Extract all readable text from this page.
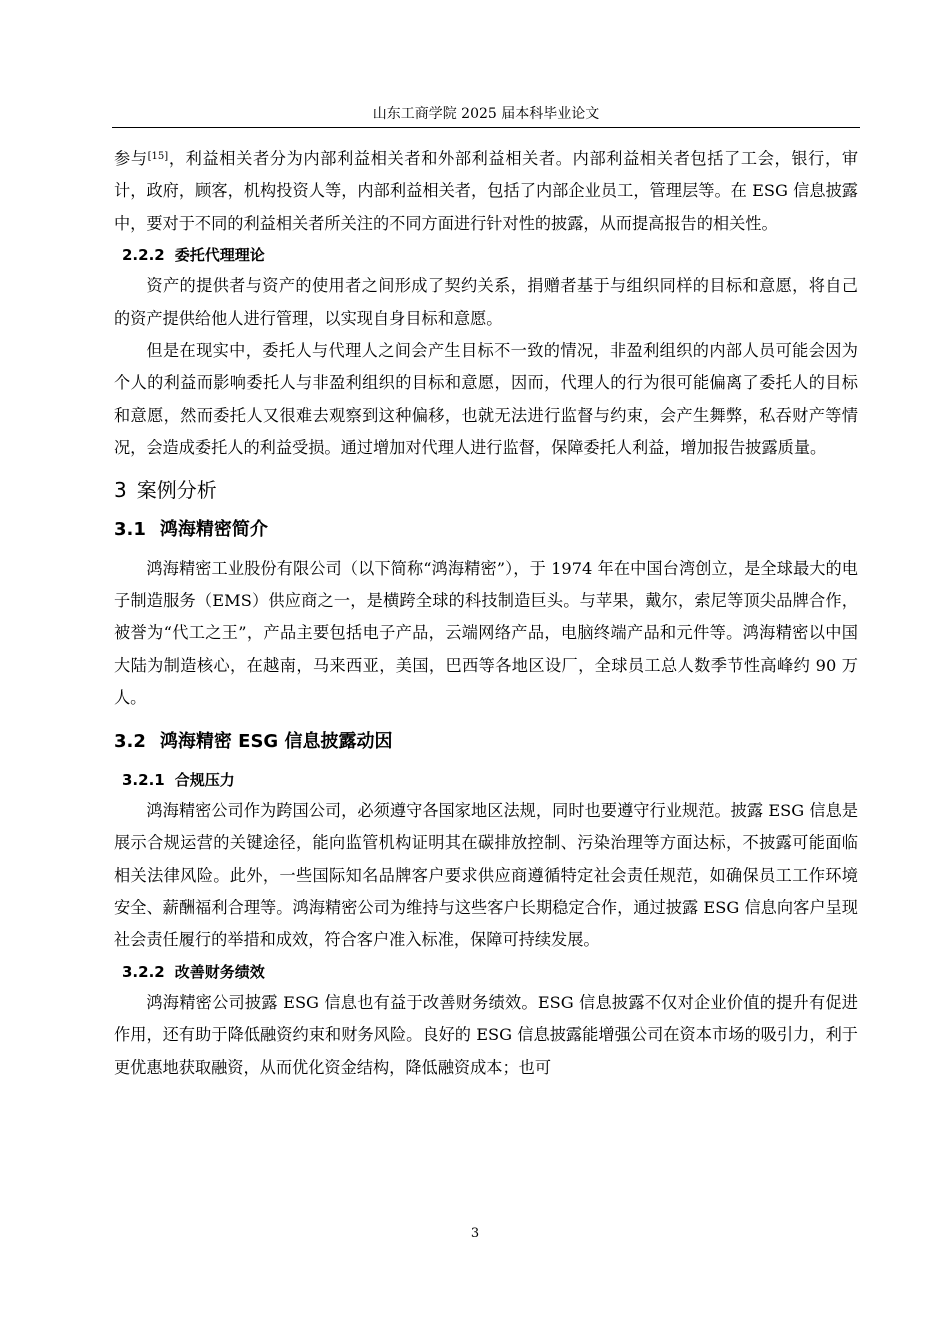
山东工商学院 2025 届本科毕业论文

参与[15]，利益相关者分为内部利益相关者和外部利益相关者。内部利益相关者包括了工会，银行，审计，政府，顾客，机构投资人等，内部利益相关者，包括了内部企业员工，管理层等。在 ESG 信息披露中，要对于不同的利益相关者所关注的不同方面进行针对性的披露，从而提高报告的相关性。

2.2.2 委托代理理论

资产的提供者与资产的使用者之间形成了契约关系，捐赠者基于与组织同样的目标和意愿，将自己的资产提供给他人进行管理，以实现自身目标和意愿。

但是在现实中，委托人与代理人之间会产生目标不一致的情况，非盈利组织的内部人员可能会因为个人的利益而影响委托人与非盈利组织的目标和意愿，因而，代理人的行为很可能偏离了委托人的目标和意愿，然而委托人又很难去观察到这种偏移，也就无法进行监督与约束，会产生舞弊，私吞财产等情况，会造成委托人的利益受损。通过增加对代理人进行监督，保障委托人利益，增加报告披露质量。

3 案例分析
3.1 鸿海精密简介

鸿海精密工业股份有限公司（以下简称“鸿海精密”），于 1974 年在中国台湾创立，是全球最大的电子制造服务（EMS）供应商之一，是横跨全球的科技制造巨头。与苹果，戴尔，索尼等顶尖品牌合作，被誉为“代工之王”，产品主要包括电子产品，云端网络产品，电脑终端产品和元件等。鸿海精密以中国大陆为制造核心，在越南，马来西亚，美国，巴西等各地区设厂，全球员工总人数季节性高峰约 90 万人。

3.2 鸿海精密 ESG 信息披露动因
3.2.1 合规压力

鸿海精密公司作为跨国公司，必须遵守各国家地区法规，同时也要遵守行业规范。披露 ESG 信息是展示合规运营的关键途径，能向监管机构证明其在碳排放控制、污染治理等方面达标，不披露可能面临相关法律风险。此外，一些国际知名品牌客户要求供应商遵循特定社会责任规范，如确保员工工作环境安全、薪酬福利合理等。鸿海精密公司为维持与这些客户长期稳定合作，通过披露 ESG 信息向客户呈现社会责任履行的举措和成效，符合客户准入标准，保障可持续发展。

3.2.2 改善财务绩效

鸿海精密公司披露 ESG 信息也有益于改善财务绩效。ESG 信息披露不仅对企业价值的提升有促进作用，还有助于降低融资约束和财务风险。良好的 ESG 信息披露能增强公司在资本市场的吸引力，利于更优惠地获取融资，从而优化资金结构，降低融资成本；也可

3
